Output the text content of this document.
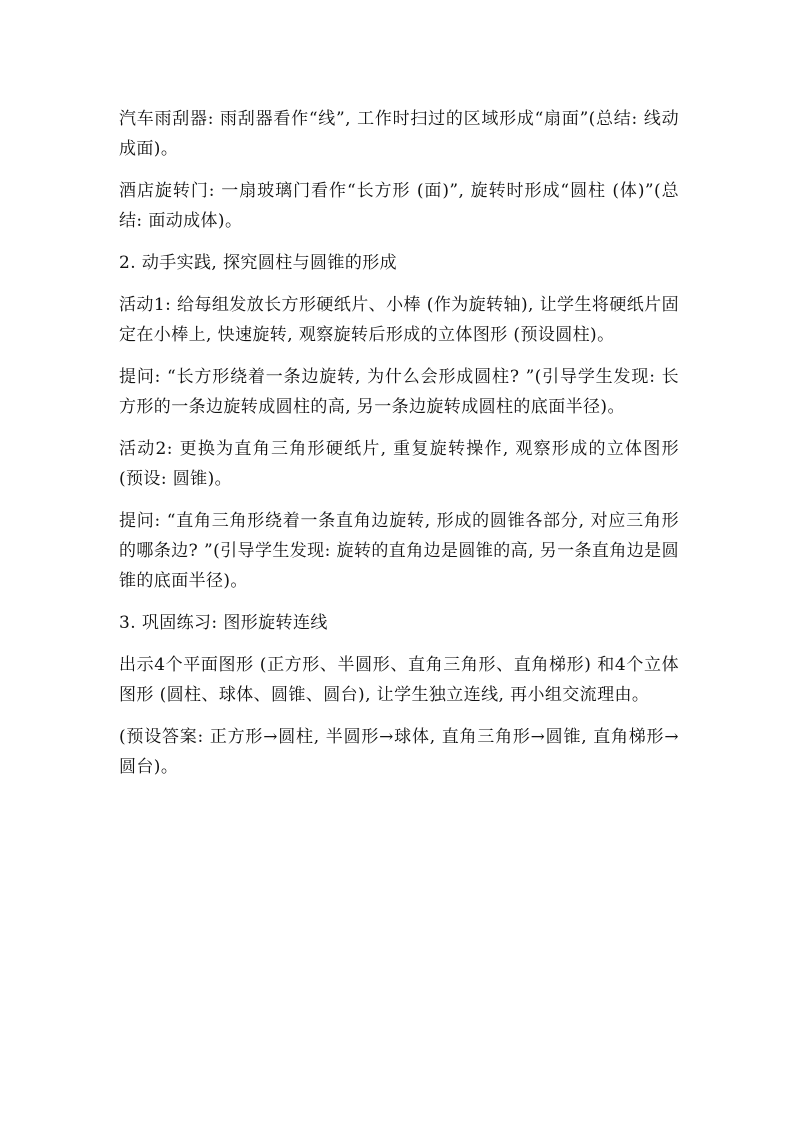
汽车雨刮器: 雨刮器看作“线”, 工作时扫过的区域形成“扇面”(总结: 线动成面)。

酒店旋转门: 一扇玻璃门看作“长方形 (面)”, 旋转时形成“圆柱 (体)”(总结: 面动成体)。

2. 动手实践, 探究圆柱与圆锥的形成

活动1: 给每组发放长方形硬纸片、小棒 (作为旋转轴), 让学生将硬纸片固定在小棒上, 快速旋转, 观察旋转后形成的立体图形 (预设圆柱)。

提问: “长方形绕着一条边旋转, 为什么会形成圆柱? ”(引导学生发现: 长方形的一条边旋转成圆柱的高, 另一条边旋转成圆柱的底面半径)。

活动2: 更换为直角三角形硬纸片, 重复旋转操作, 观察形成的立体图形 (预设: 圆锥)。

提问: “直角三角形绕着一条直角边旋转, 形成的圆锥各部分, 对应三角形的哪条边? ”(引导学生发现: 旋转的直角边是圆锥的高, 另一条直角边是圆锥的底面半径)。

3. 巩固练习: 图形旋转连线

出示4个平面图形 (正方形、半圆形、直角三角形、直角梯形) 和4个立体图形 (圆柱、球体、圆锥、圆台), 让学生独立连线, 再小组交流理由。

(预设答案: 正方形→圆柱, 半圆形→球体, 直角三角形→圆锥, 直角梯形→圆台)。
